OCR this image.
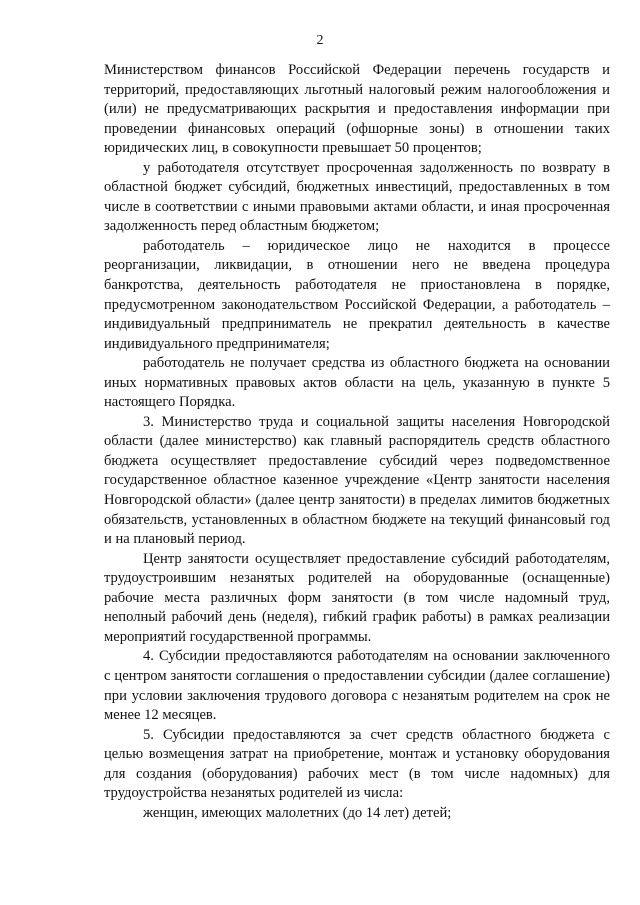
2

Министерством финансов Российской Федерации перечень государств и территорий, предоставляющих льготный налоговый режим налогообложения и (или) не предусматривающих раскрытия и предоставления информации при проведении финансовых операций (офшорные зоны) в отношении таких юридических лиц, в совокупности превышает 50 процентов;

у работодателя отсутствует просроченная задолженность по возврату в областной бюджет субсидий, бюджетных инвестиций, предоставленных в том числе в соответствии с иными правовыми актами области, и иная просроченная задолженность перед областным бюджетом;

работодатель – юридическое лицо не находится в процессе реорганизации, ликвидации, в отношении него не введена процедура банкротства, деятельность работодателя не приостановлена в порядке, предусмотренном законодательством Российской Федерации, а работодатель – индивидуальный предприниматель не прекратил деятельность в качестве индивидуального предпринимателя;

работодатель не получает средства из областного бюджета на основании иных нормативных правовых актов области на цель, указанную в пункте 5 настоящего Порядка.

3. Министерство труда и социальной защиты населения Новгородской области (далее министерство) как главный распорядитель средств областного бюджета осуществляет предоставление субсидий через подведомственное государственное областное казенное учреждение «Центр занятости населения Новгородской области» (далее центр занятости) в пределах лимитов бюджетных обязательств, установленных в областном бюджете на текущий финансовый год и на плановый период.

Центр занятости осуществляет предоставление субсидий работодателям, трудоустроившим незанятых родителей на оборудованные (оснащенные) рабочие места различных форм занятости (в том числе надомный труд, неполный рабочий день (неделя), гибкий график работы) в рамках реализации мероприятий государственной программы.

4. Субсидии предоставляются работодателям на основании заключенного с центром занятости соглашения о предоставлении субсидии (далее соглашение) при условии заключения трудового договора с незанятым родителем на срок не менее 12 месяцев.

5. Субсидии предоставляются за счет средств областного бюджета с целью возмещения затрат на приобретение, монтаж и установку оборудования для создания (оборудования) рабочих мест (в том числе надомных) для трудоустройства незанятых родителей из числа:

женщин, имеющих малолетних (до 14 лет) детей;
